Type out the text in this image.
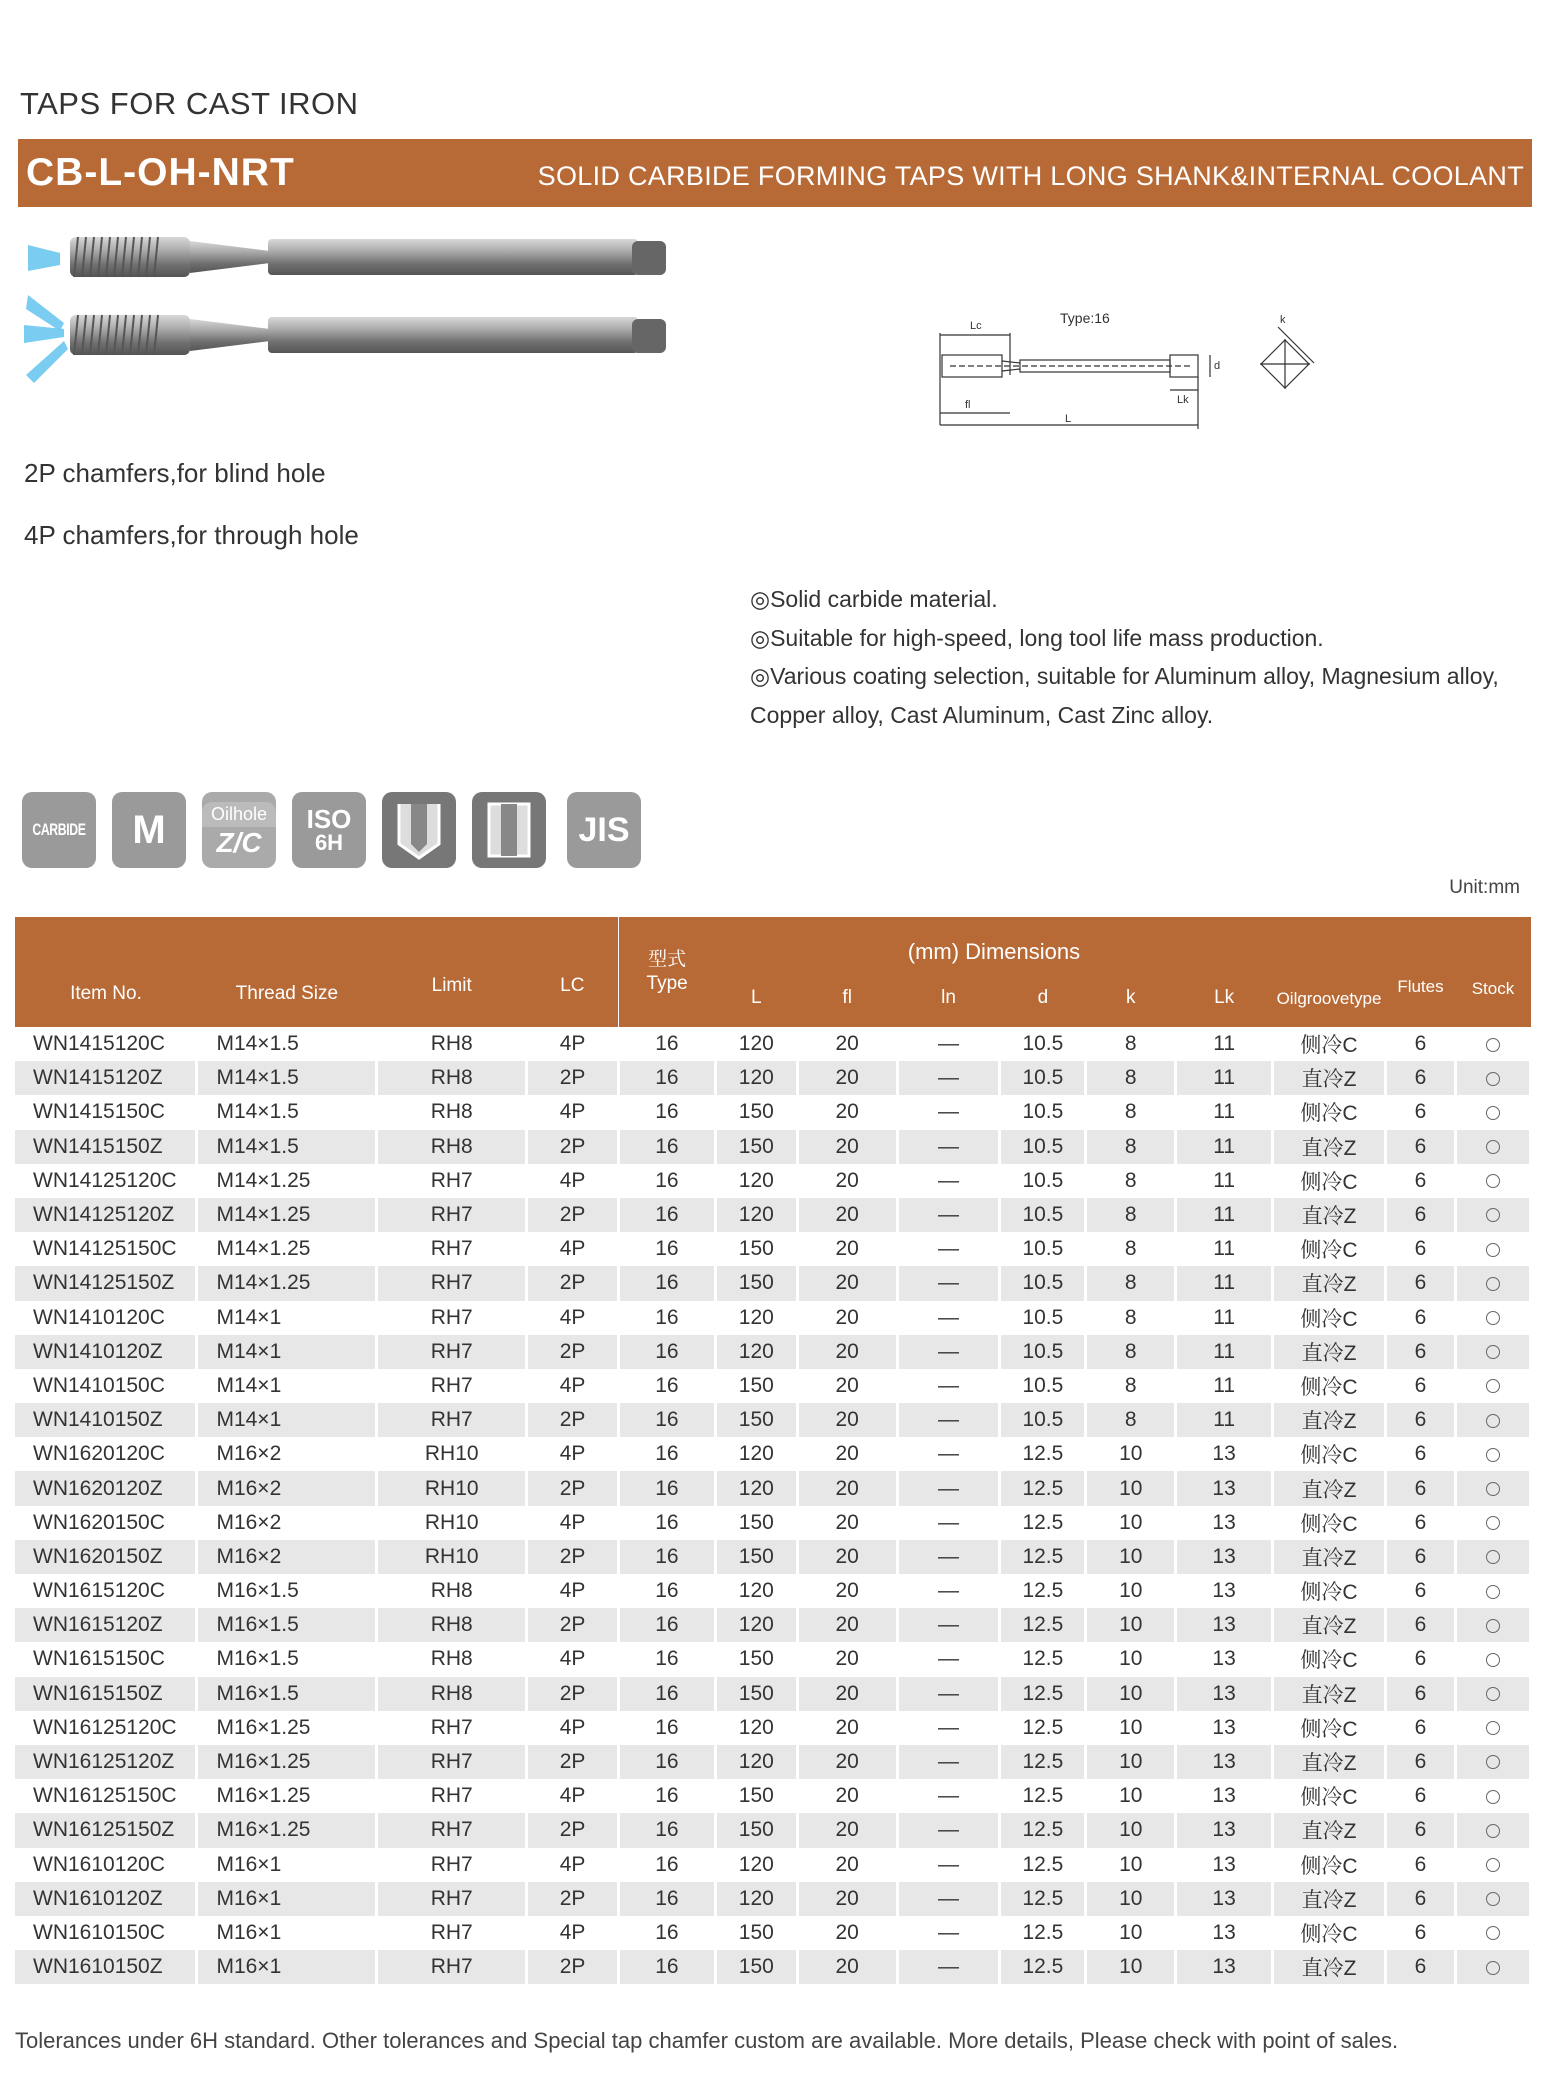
TAPS FOR CAST IRON
CB-L-OH-NRT	SOLID CARBIDE FORMING TAPS WITH LONG SHANK&INTERNAL COOLANT
Type:16
Lc
fl	Lk
L
d
k
2P chamfers,for blind hole
4P chamfers,for through hole
◎Solid carbide material.
◎Suitable for high-speed, long tool life mass production.
◎Various coating selection, suitable for Aluminum alloy, Magnesium alloy,
Copper alloy, Cast Aluminum, Cast Zinc alloy.
CARBIDE M	Oilhole
Z/C
ISO
6H	JIS
Unit:mm
Item No.	Thread Size	Limit	LC	型式
Type	(mm) Dimensions						Oilgroovetype	Flutes	Stock
					L	fl	ln	d	k	Lk			
WN1415120C	M14×1.5	RH8	4P	16	120	20	—	10.5	8	11	侧冷C	6	
WN1415120Z	M14×1.5	RH8	2P	16	120	20	—	10.5	8	11	直冷Z	6	
WN1415150C	M14×1.5	RH8	4P	16	150	20	—	10.5	8	11	侧冷C	6	
WN1415150Z	M14×1.5	RH8	2P	16	150	20	—	10.5	8	11	直冷Z	6	
WN14125120C	M14×1.25	RH7	4P	16	120	20	—	10.5	8	11	侧冷C	6	
WN14125120Z	M14×1.25	RH7	2P	16	120	20	—	10.5	8	11	直冷Z	6	
WN14125150C	M14×1.25	RH7	4P	16	150	20	—	10.5	8	11	侧冷C	6	
WN14125150Z	M14×1.25	RH7	2P	16	150	20	—	10.5	8	11	直冷Z	6	
WN1410120C	M14×1	RH7	4P	16	120	20	—	10.5	8	11	侧冷C	6	
WN1410120Z	M14×1	RH7	2P	16	120	20	—	10.5	8	11	直冷Z	6	
WN1410150C	M14×1	RH7	4P	16	150	20	—	10.5	8	11	侧冷C	6	
WN1410150Z	M14×1	RH7	2P	16	150	20	—	10.5	8	11	直冷Z	6	
WN1620120C	M16×2	RH10	4P	16	120	20	—	12.5	10	13	侧冷C	6	
WN1620120Z	M16×2	RH10	2P	16	120	20	—	12.5	10	13	直冷Z	6	
WN1620150C	M16×2	RH10	4P	16	150	20	—	12.5	10	13	侧冷C	6	
WN1620150Z	M16×2	RH10	2P	16	150	20	—	12.5	10	13	直冷Z	6	
WN1615120C	M16×1.5	RH8	4P	16	120	20	—	12.5	10	13	侧冷C	6	
WN1615120Z	M16×1.5	RH8	2P	16	120	20	—	12.5	10	13	直冷Z	6	
WN1615150C	M16×1.5	RH8	4P	16	150	20	—	12.5	10	13	侧冷C	6	
WN1615150Z	M16×1.5	RH8	2P	16	150	20	—	12.5	10	13	直冷Z	6	
WN16125120C	M16×1.25	RH7	4P	16	120	20	—	12.5	10	13	侧冷C	6	
WN16125120Z	M16×1.25	RH7	2P	16	120	20	—	12.5	10	13	直冷Z	6	
WN16125150C	M16×1.25	RH7	4P	16	150	20	—	12.5	10	13	侧冷C	6	
WN16125150Z	M16×1.25	RH7	2P	16	150	20	—	12.5	10	13	直冷Z	6	
WN1610120C	M16×1	RH7	4P	16	120	20	—	12.5	10	13	侧冷C	6	
WN1610120Z	M16×1	RH7	2P	16	120	20	—	12.5	10	13	直冷Z	6	
WN1610150C	M16×1	RH7	4P	16	150	20	—	12.5	10	13	侧冷C	6	
WN1610150Z	M16×1	RH7	2P	16	150	20	—	12.5	10	13	直冷Z	6	
Tolerances under 6H standard. Other tolerances and Special tap chamfer custom are available. More details, Please check with point of sales.
